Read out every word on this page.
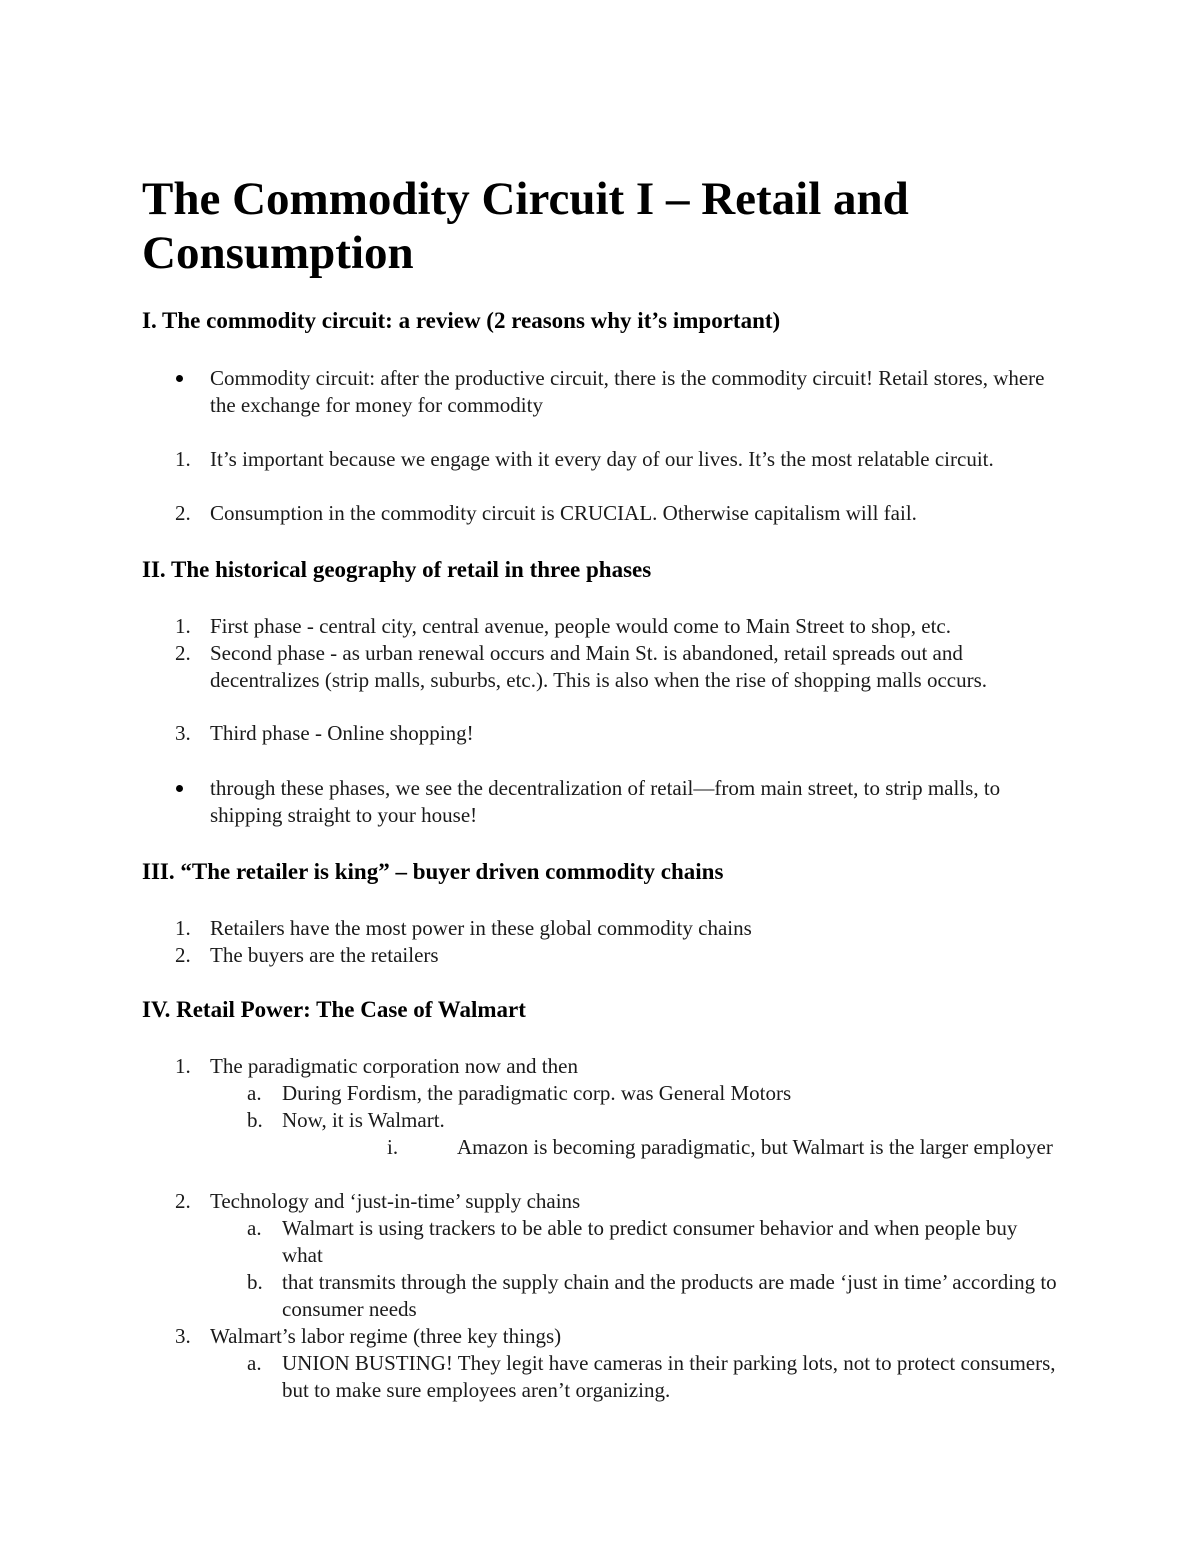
The Commodity Circuit I – Retail and Consumption
I. The commodity circuit: a review (2 reasons why it’s important)
Commodity circuit: after the productive circuit, there is the commodity circuit! Retail stores, where the exchange for money for commodity
1. It’s important because we engage with it every day of our lives. It’s the most relatable circuit.
2. Consumption in the commodity circuit is CRUCIAL. Otherwise capitalism will fail.
II. The historical geography of retail in three phases
1. First phase - central city, central avenue, people would come to Main Street to shop, etc.
2. Second phase - as urban renewal occurs and Main St. is abandoned, retail spreads out and decentralizes (strip malls, suburbs, etc.). This is also when the rise of shopping malls occurs.
3. Third phase - Online shopping!
through these phases, we see the decentralization of retail—from main street, to strip malls, to shipping straight to your house!
III. “The retailer is king” – buyer driven commodity chains
1. Retailers have the most power in these global commodity chains
2. The buyers are the retailers
IV. Retail Power: The Case of Walmart
1. The paradigmatic corporation now and then
a. During Fordism, the paradigmatic corp. was General Motors
b. Now, it is Walmart.
i.	Amazon is becoming paradigmatic, but Walmart is the larger employer
2. Technology and ‘just-in-time’ supply chains
a. Walmart is using trackers to be able to predict consumer behavior and when people buy what
b. that transmits through the supply chain and the products are made ‘just in time’ according to consumer needs
3. Walmart’s labor regime (three key things)
a. UNION BUSTING! They legit have cameras in their parking lots, not to protect consumers, but to make sure employees aren’t organizing.
